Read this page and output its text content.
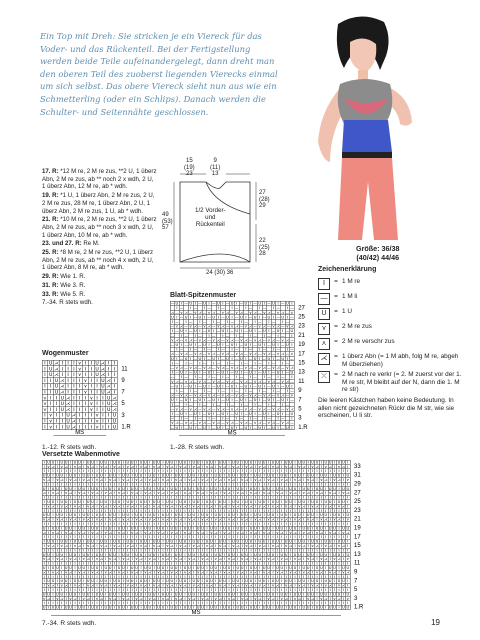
Ein Top mit Dreh: Sie stricken je ein Viereck für das Voder- und das Rückenteil. Bei der Fertigstellung werden beide Teile aufeinandergelegt, dann dreht man den oberen Teil des zuoberst liegenden Vierecks einmal um sich selbst. Das obere Viereck sieht nun aus wie ein Schmetterling (oder ein Schlips). Danach werden die Schulter- und Seitennähte geschlossen.

17. R: *12 M re, 2 M re zus, **2 U, 1 überz Abn, 2 M re zus, ab ** noch 2 x wdh, 2 U, 1 überz Abn, 12 M re, ab * wdh.

19. R: *1 U, 1 überz Abn, 2 M re zus, 2 U, 2 M re zus, 28 M re, 1 überz Abn, 2 U, 1 überz Abn, 2 M re zus, 1 U, ab * wdh.

21. R: *10 M re, 2 M re zus, **2 U, 1 überz Abn, 2 M re zus, ab ** noch 3 x wdh, 2 U, 1 überz Abn, 10 M re, ab * wdh.

23. und 27. R: Re M.

25. R: *8 M re, 2 M re zus, **2 U, 1 überz Abn, 2 M re zus, ab ** noch 4 x wdh, 2 U, 1 überz Abn, 8 M re, ab * wdh.

29. R: Wie 1. R.

31. R: Wie 3. R.

33. R: Wie 5. R.

7.-34. R stets wdh.

15
(19)
23
9
(11)
13
27
(28)
29
22
(25)
28
49
(53)
57
1/2 Vorder-
und
Rückenteil
24 (30) 36
Größe: 36/38
(40/42) 44/46
Zeichenerklärung
I	= 1 M re
—	= 1 M li
U	= 1 U
⋎	= 2 M re zus
⋏	= 2 M re verschr zus
⋌	= 1 überz Abn (= 1 M abh, folg M re, abgeh M überziehen)
⤫	= 2 M nach re verkr (= 2. M zuerst vor der 1. M re str, M bleibt auf der N, dann die 1. M re str)
Die leeren Kästchen haben keine Bedeutung. In allen nicht gezeichneten Rückr die M str, wie sie erscheinen, U li str.
Wogenmuster
I U ⋌ I I I ⋎ I I U ⋌ I I
I U ⋌ I I I ⋎ I I U ⋌ I I
I U ⋌ I I I ⋎ I I U ⋌ I I
I I U ⋌ I I I ⋎ I I U ⋌ I
I I U ⋌ I I I ⋎ I I U ⋌ I
I I U ⋌ I I I ⋎ I I U ⋌ I
⋎ I I U ⋌ I I I ⋎ I I U ⋌
⋎ I I U ⋌ I I I ⋎ I I U ⋌
⋎ I I U ⋌ I I I ⋎ I I U ⋌
I ⋎ I I U ⋌ I I I ⋎ I I U
I ⋎ I I U ⋌ I I I ⋎ I I U
I ⋎ I I U ⋌ I I I ⋎ I I U
11
9
7
5
3
1.R
MS
1.-12. R stets wdh.
Blatt-Spitzenmuster
— U I — U I — U I — U I — U I — U I — U I — U I — U I
I — I — I — I — I — I — I — I — I —
⋌ — ⋎ ⋌ — ⋎ ⋌ — ⋎ ⋌ — ⋎ ⋌ — ⋎ ⋌ — ⋎ ⋌ — ⋎ ⋌ — ⋎ ⋌ — ⋎
U I — U I — U I — U I — U I — U I — U I — U I — U I —
I — I — I — I — I — I — I — I — I —
— ⋎ ⋌ — ⋎ ⋌ — ⋎ ⋌ — ⋎ ⋌ — ⋎ ⋌ — ⋎ ⋌ — ⋎ ⋌ — ⋎ ⋌ — ⋎ ⋌
I — U I — U I — U I — U I — U I — U I — U I — U I — U
— I — I — I — I — I — I — I — I — I
⋎ ⋌ — ⋎ ⋌ — ⋎ ⋌ — ⋎ ⋌ — ⋎ ⋌ — ⋎ ⋌ — ⋎ ⋌ — ⋎ ⋌ — ⋎ ⋌ —
— U I — U I — U I — U I — U I — U I — U I — U I — U I
I — I — I — I — I — I — I — I — I —
⋌ — ⋎ ⋌ — ⋎ ⋌ — ⋎ ⋌ — ⋎ ⋌ — ⋎ ⋌ — ⋎ ⋌ — ⋎ ⋌ — ⋎ ⋌ — ⋎
U I — U I — U I — U I — U I — U I — U I — U I — U I —
I — I — I — I — I — I — I — I — I —
— ⋎ ⋌ — ⋎ ⋌ — ⋎ ⋌ — ⋎ ⋌ — ⋎ ⋌ — ⋎ ⋌ — ⋎ ⋌ — ⋎ ⋌ — ⋎ ⋌
I — U I — U I — U I — U I — U I — U I — U I — U I — U
— I — I — I — I — I — I — I — I — I
⋎ ⋌ — ⋎ ⋌ — ⋎ ⋌ — ⋎ ⋌ — ⋎ ⋌ — ⋎ ⋌ — ⋎ ⋌ — ⋎ ⋌ — ⋎ ⋌ —
— U I — U I — U I — U I — U I — U I — U I — U I — U I
I — I — I — I — I — I — I — I — I —
⋌ — ⋎ ⋌ — ⋎ ⋌ — ⋎ ⋌ — ⋎ ⋌ — ⋎ ⋌ — ⋎ ⋌ — ⋎ ⋌ — ⋎ ⋌ — ⋎
U I — U I — U I — U I — U I — U I — U I — U I — U I —
I — I — I — I — I — I — I — I — I —
— ⋎ ⋌ — ⋎ ⋌ — ⋎ ⋌ — ⋎ ⋌ — ⋎ ⋌ — ⋎ ⋌ — ⋎ ⋌ — ⋎ ⋌ — ⋎ ⋌
I — U I — U I — U I — U I — U I — U I — U I — U I — U
— I — I — I — I — I — I — I — I — I
⋎ ⋌ — ⋎ ⋌ — ⋎ ⋌ — ⋎ ⋌ — ⋎ ⋌ — ⋎ ⋌ — ⋎ ⋌ — ⋎ ⋌ — ⋎ ⋌ —
— U I — U I — U I — U I — U I — U I — U I — U I — U I
27
25
23
21
19
17
15
13
11
9
7
5
3
1.R
MS
1.-28. R stets wdh.
Versetzte Wabenmotive
I U U I U U I U U I U U I U U I U U I U U I U U I U U I U U I U U I U U I U U I U U I U U I U U I U U I U U I U U I U U I U U I U U I U U I
I ⋎ ⋌ I ⋎ ⋌ I ⋎ ⋌ I ⋎ ⋌ I ⋎ ⋌ I ⋎ ⋌ I ⋎ ⋌ I ⋎ ⋌ I ⋎ ⋌ I ⋎ ⋌ I ⋎ ⋌ I ⋎ ⋌ I ⋎ ⋌ I ⋎ ⋌ I ⋎ ⋌ I ⋎ ⋌ I ⋎ ⋌ I ⋎ ⋌ I ⋎ ⋌ I ⋎ ⋌ I ⋎ ⋌ I ⋎ ⋌ I ⋎ ⋌ I
I I I I I I I I I I I I I I I I I I I I I I I I I I I I I I I I I I I I I I I I I I I I I I I I I I I I I I I I I I I I I I I I I I I I I I
U U I U U I U U I U U I U U I U U I U U I U U I U U I U U I U U I U U I U U I U U I U U I U U I U U I U U I U U I U U I U U I U U I U U I U
⋎ ⋌ I ⋎ ⋌ I ⋎ ⋌ I ⋎ ⋌ I ⋎ ⋌ I ⋎ ⋌ I ⋎ ⋌ I ⋎ ⋌ I ⋎ ⋌ I ⋎ ⋌ I ⋎ ⋌ I ⋎ ⋌ I ⋎ ⋌ I ⋎ ⋌ I ⋎ ⋌ I ⋎ ⋌ I ⋎ ⋌ I ⋎ ⋌ I ⋎ ⋌ I ⋎ ⋌ I ⋎ ⋌ I ⋎ ⋌ I ⋎ ⋌ I ⋎
I I I I I I I I I I I I I I I I I I I I I I I I I I I I I I I I I I I I I I I I I I I I I I I I I I I I I I I I I I I I I I I I I I I I I I
U I U U I U U I U U I U U I U U I U U I U U I U U I U U I U U I U U I U U I U U I U U I U U I U U I U U I U U I U U I U U I U U I U U I U U
⋌ I ⋎ ⋌ I ⋎ ⋌ I ⋎ ⋌ I ⋎ ⋌ I ⋎ ⋌ I ⋎ ⋌ I ⋎ ⋌ I ⋎ ⋌ I ⋎ ⋌ I ⋎ ⋌ I ⋎ ⋌ I ⋎ ⋌ I ⋎ ⋌ I ⋎ ⋌ I ⋎ ⋌ I ⋎ ⋌ I ⋎ ⋌ I ⋎ ⋌ I ⋎ ⋌ I ⋎ ⋌ I ⋎ ⋌ I ⋎ ⋌ I ⋎ ⋌
I I I I I I I I I I I I I I I I I I I I I I I I I I I I I I I I I I I I I I I I I I I I I I I I I I I I I I I I I I I I I I I I I I I I I I
I U U I U U I U U I U U I U U I U U I U U I U U I U U I U U I U U I U U I U U I U U I U U I U U I U U I U U I U U I U U I U U I U U I U U I
I ⋎ ⋌ I ⋎ ⋌ I ⋎ ⋌ I ⋎ ⋌ I ⋎ ⋌ I ⋎ ⋌ I ⋎ ⋌ I ⋎ ⋌ I ⋎ ⋌ I ⋎ ⋌ I ⋎ ⋌ I ⋎ ⋌ I ⋎ ⋌ I ⋎ ⋌ I ⋎ ⋌ I ⋎ ⋌ I ⋎ ⋌ I ⋎ ⋌ I ⋎ ⋌ I ⋎ ⋌ I ⋎ ⋌ I ⋎ ⋌ I ⋎ ⋌ I
I I I I I I I I I I I I I I I I I I I I I I I I I I I I I I I I I I I I I I I I I I I I I I I I I I I I I I I I I I I I I I I I I I I I I I
U U I U U I U U I U U I U U I U U I U U I U U I U U I U U I U U I U U I U U I U U I U U I U U I U U I U U I U U I U U I U U I U U I U U I U
⋎ ⋌ I ⋎ ⋌ I ⋎ ⋌ I ⋎ ⋌ I ⋎ ⋌ I ⋎ ⋌ I ⋎ ⋌ I ⋎ ⋌ I ⋎ ⋌ I ⋎ ⋌ I ⋎ ⋌ I ⋎ ⋌ I ⋎ ⋌ I ⋎ ⋌ I ⋎ ⋌ I ⋎ ⋌ I ⋎ ⋌ I ⋎ ⋌ I ⋎ ⋌ I ⋎ ⋌ I ⋎ ⋌ I ⋎ ⋌ I ⋎ ⋌ I ⋎
I I I I I I I I I I I I I I I I I I I I I I I I I I I I I I I I I I I I I I I I I I I I I I I I I I I I I I I I I I I I I I I I I I I I I I
U I U U I U U I U U I U U I U U I U U I U U I U U I U U I U U I U U I U U I U U I U U I U U I U U I U U I U U I U U I U U I U U I U U I U U
⋌ I ⋎ ⋌ I ⋎ ⋌ I ⋎ ⋌ I ⋎ ⋌ I ⋎ ⋌ I ⋎ ⋌ I ⋎ ⋌ I ⋎ ⋌ I ⋎ ⋌ I ⋎ ⋌ I ⋎ ⋌ I ⋎ ⋌ I ⋎ ⋌ I ⋎ ⋌ I ⋎ ⋌ I ⋎ ⋌ I ⋎ ⋌ I ⋎ ⋌ I ⋎ ⋌ I ⋎ ⋌ I ⋎ ⋌ I ⋎ ⋌ I ⋎ ⋌
I I I I I I I I I I I I I I I I I I I I I I I I I I I I I I I I I I I I I I I I I I I I I I I I I I I I I I I I I I I I I I I I I I I I I I
I U U I U U I U U I U U I U U I U U I U U I U U I U U I U U I U U I U U I U U I U U I U U I U U I U U I U U I U U I U U I U U I U U I U U I
I ⋎ ⋌ I ⋎ ⋌ I ⋎ ⋌ I ⋎ ⋌ I ⋎ ⋌ I ⋎ ⋌ I ⋎ ⋌ I ⋎ ⋌ I ⋎ ⋌ I ⋎ ⋌ I ⋎ ⋌ I ⋎ ⋌ I ⋎ ⋌ I ⋎ ⋌ I ⋎ ⋌ I ⋎ ⋌ I ⋎ ⋌ I ⋎ ⋌ I ⋎ ⋌ I ⋎ ⋌ I ⋎ ⋌ I ⋎ ⋌ I ⋎ ⋌ I
I I I I I I I I I I I I I I I I I I I I I I I I I I I I I I I I I I I I I I I I I I I I I I I I I I I I I I I I I I I I I I I I I I I I I I
U U I U U I U U I U U I U U I U U I U U I U U I U U I U U I U U I U U I U U I U U I U U I U U I U U I U U I U U I U U I U U I U U I U U I U
⋎ ⋌ I ⋎ ⋌ I ⋎ ⋌ I ⋎ ⋌ I ⋎ ⋌ I ⋎ ⋌ I ⋎ ⋌ I ⋎ ⋌ I ⋎ ⋌ I ⋎ ⋌ I ⋎ ⋌ I ⋎ ⋌ I ⋎ ⋌ I ⋎ ⋌ I ⋎ ⋌ I ⋎ ⋌ I ⋎ ⋌ I ⋎ ⋌ I ⋎ ⋌ I ⋎ ⋌ I ⋎ ⋌ I ⋎ ⋌ I ⋎ ⋌ I ⋎
I I I I I I I I I I I I I I I I I I I I I I I I I I I I I I I I I I I I I I I I I I I I I I I I I I I I I I I I I I I I I I I I I I I I I I
U I U U I U U I U U I U U I U U I U U I U U I U U I U U I U U I U U I U U I U U I U U I U U I U U I U U I U U I U U I U U I U U I U U I U U
⋌ I ⋎ ⋌ I ⋎ ⋌ I ⋎ ⋌ I ⋎ ⋌ I ⋎ ⋌ I ⋎ ⋌ I ⋎ ⋌ I ⋎ ⋌ I ⋎ ⋌ I ⋎ ⋌ I ⋎ ⋌ I ⋎ ⋌ I ⋎ ⋌ I ⋎ ⋌ I ⋎ ⋌ I ⋎ ⋌ I ⋎ ⋌ I ⋎ ⋌ I ⋎ ⋌ I ⋎ ⋌ I ⋎ ⋌ I ⋎ ⋌ I ⋎ ⋌
I I I I I I I I I I I I I I I I I I I I I I I I I I I I I I I I I I I I I I I I I I I I I I I I I I I I I I I I I I I I I I I I I I I I I I
I U U I U U I U U I U U I U U I U U I U U I U U I U U I U U I U U I U U I U U I U U I U U I U U I U U I U U I U U I U U I U U I U U I U U I
I ⋎ ⋌ I ⋎ ⋌ I ⋎ ⋌ I ⋎ ⋌ I ⋎ ⋌ I ⋎ ⋌ I ⋎ ⋌ I ⋎ ⋌ I ⋎ ⋌ I ⋎ ⋌ I ⋎ ⋌ I ⋎ ⋌ I ⋎ ⋌ I ⋎ ⋌ I ⋎ ⋌ I ⋎ ⋌ I ⋎ ⋌ I ⋎ ⋌ I ⋎ ⋌ I ⋎ ⋌ I ⋎ ⋌ I ⋎ ⋌ I ⋎ ⋌ I
I I I I I I I I I I I I I I I I I I I I I I I I I I I I I I I I I I I I I I I I I I I I I I I I I I I I I I I I I I I I I I I I I I I I I I
U U I U U I U U I U U I U U I U U I U U I U U I U U I U U I U U I U U I U U I U U I U U I U U I U U I U U I U U I U U I U U I U U I U U I U
⋎ ⋌ I ⋎ ⋌ I ⋎ ⋌ I ⋎ ⋌ I ⋎ ⋌ I ⋎ ⋌ I ⋎ ⋌ I ⋎ ⋌ I ⋎ ⋌ I ⋎ ⋌ I ⋎ ⋌ I ⋎ ⋌ I ⋎ ⋌ I ⋎ ⋌ I ⋎ ⋌ I ⋎ ⋌ I ⋎ ⋌ I ⋎ ⋌ I ⋎ ⋌ I ⋎ ⋌ I ⋎ ⋌ I ⋎ ⋌ I ⋎ ⋌ I ⋎
I I I I I I I I I I I I I I I I I I I I I I I I I I I I I I I I I I I I I I I I I I I I I I I I I I I I I I I I I I I I I I I I I I I I I I
U I U U I U U I U U I U U I U U I U U I U U I U U I U U I U U I U U I U U I U U I U U I U U I U U I U U I U U I U U I U U I U U I U U I U U
33
31
29
27
25
23
21
19
17
15
13
11
9
7
5
3
1.R
MS
7.-34. R stets wdh.	19
